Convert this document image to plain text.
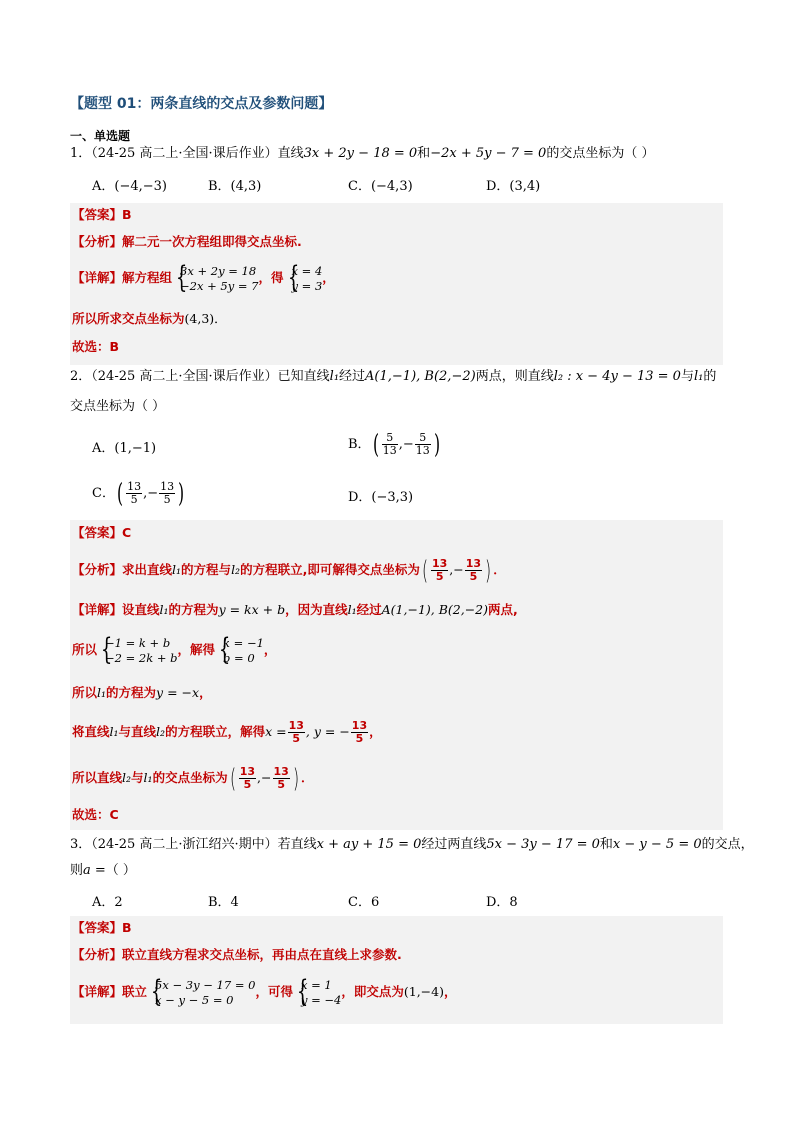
【题型 01：两条直线的交点及参数问题】
一、单选题
1．（24-25 高二上·全国·课后作业）直线3x + 2y − 18 = 0和−2x + 5y − 7 = 0的交点坐标为（ ）
A．(−4,−3)	B．(4,3)	C．(−4,3)	D．(3,4)
【答案】B
【分析】解二元一次方程组即得交点坐标.
【详解】解方程组 {
3x + 2y = 18
−2x + 5y = 7
，得 {
x = 4
y = 3
，
所以所求交点坐标为(4,3)．
故选：B
2．（24-25 高二上·全国·课后作业）已知直线l₁经过A(1,−1), B(2,−2)两点，则直线l₂ : x − 4y − 13 = 0与l₁的
交点坐标为（ ）
A．(1,−1)	B．( $\frac{5}{13}$ ,− $\frac{5}{13}$ )
C．( $\frac{13}{5}$ ,− $\frac{13}{5}$ )	D．(−3,3)
【答案】C
【分析】求出直线l₁的方程与l₂的方程联立,即可解得交点坐标为( $\frac{13}{5}$ ,− $\frac{13}{5}$ ) ．
【详解】设直线l₁的方程为y = kx + b，因为直线l₁经过A(1,−1), B(2,−2)两点,
所以 {
−1 = k + b
−2 = 2k + b
，解得 {
k = −1
b = 0
，
所以l₁的方程为y = −x，
将直线l₁与直线l₂的方程联立，解得$x = \frac{13}{5}$ , y = − $\frac{13}{5}$ ，
所以直线l₂与l₁的交点坐标为( $\frac{13}{5}$ ,− $\frac{13}{5}$ ) ．
故选：C
3．（24-25 高二上·浙江绍兴·期中）若直线x + ay + 15 = 0经过两直线5x − 3y − 17 = 0和x − y − 5 = 0的交点，
则a =（ ）
A．2	B．4	C．6	D．8
【答案】B
【分析】联立直线方程求交点坐标，再由点在直线上求参数.
【详解】联立 {
5x − 3y − 17 = 0
x − y − 5 = 0
，可得 {
x = 1
y = −4
，即交点为(1,−4)，
